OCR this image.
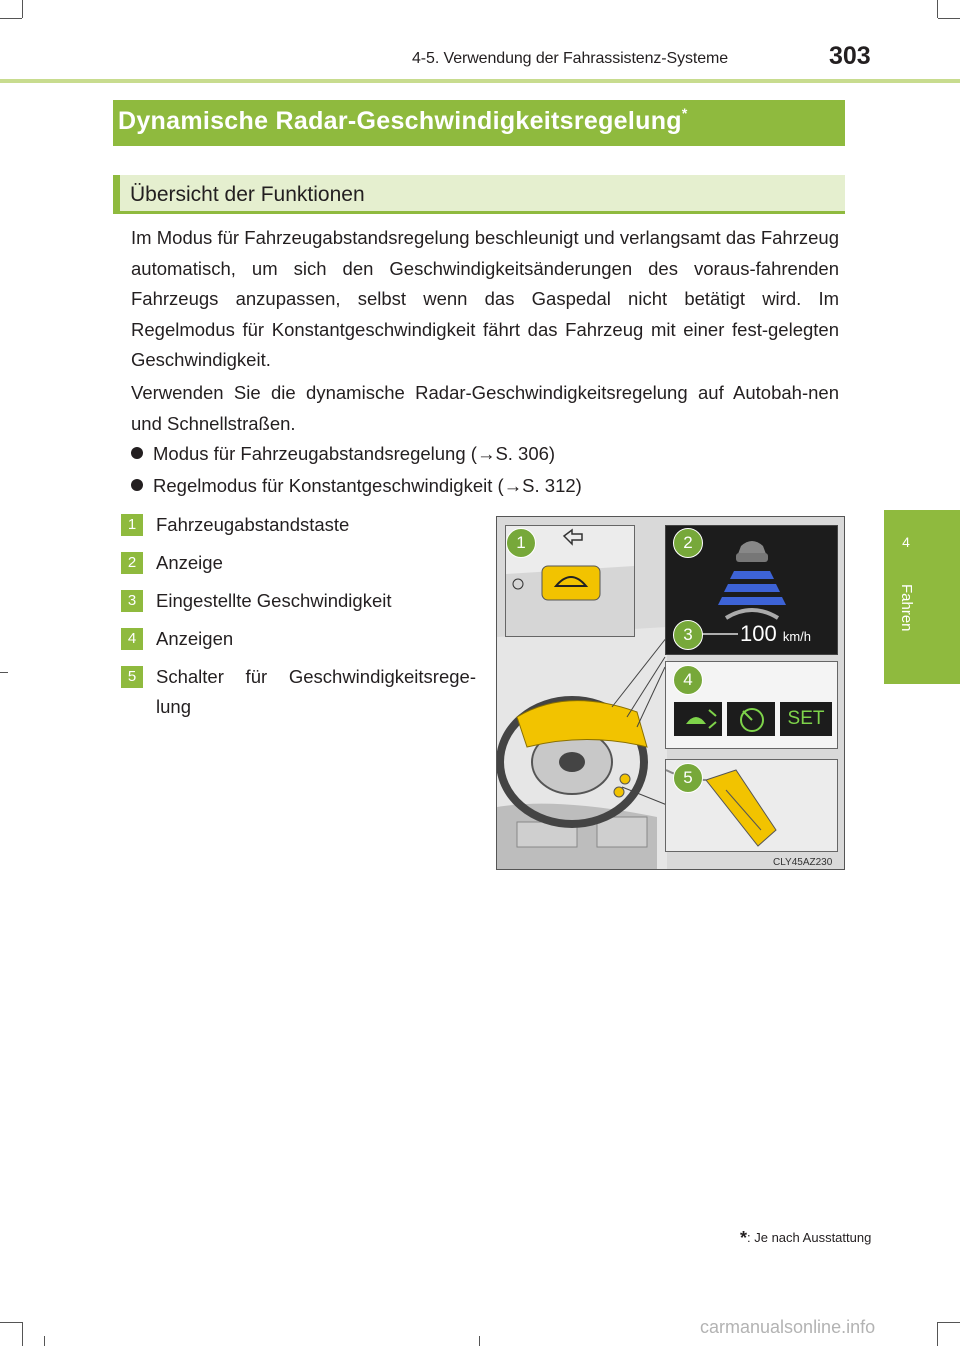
4-5. Verwendung der Fahrassistenz-Systeme	303
4
Fahren
Dynamische Radar-Geschwindigkeitsregelung*
Übersicht der Funktionen
Im Modus für Fahrzeugabstandsregelung beschleunigt und verlangsamt das Fahrzeug automatisch, um sich den Geschwindigkeitsänderungen des voraus-fahrenden Fahrzeugs anzupassen, selbst wenn das Gaspedal nicht betätigt wird. Im Regelmodus für Konstantgeschwindigkeit fährt das Fahrzeug mit einer fest-gelegten Geschwindigkeit.
Verwenden Sie die dynamische Radar-Geschwindigkeitsregelung auf Autobah-nen und Schnellstraßen.
Modus für Fahrzeugabstandsregelung (→S. 306)
Regelmodus für Konstantgeschwindigkeit (→S. 312)
1	Fahrzeugabstandstaste
2	Anzeige
3	Eingestellte Geschwindigkeit
4	Anzeigen
5	Schalter für Geschwindigkeitsrege-lung
100 km/h
SET
CLY45AZ230
1	2
3
4
5
*: Je nach Ausstattung
carmanualsonline.info
